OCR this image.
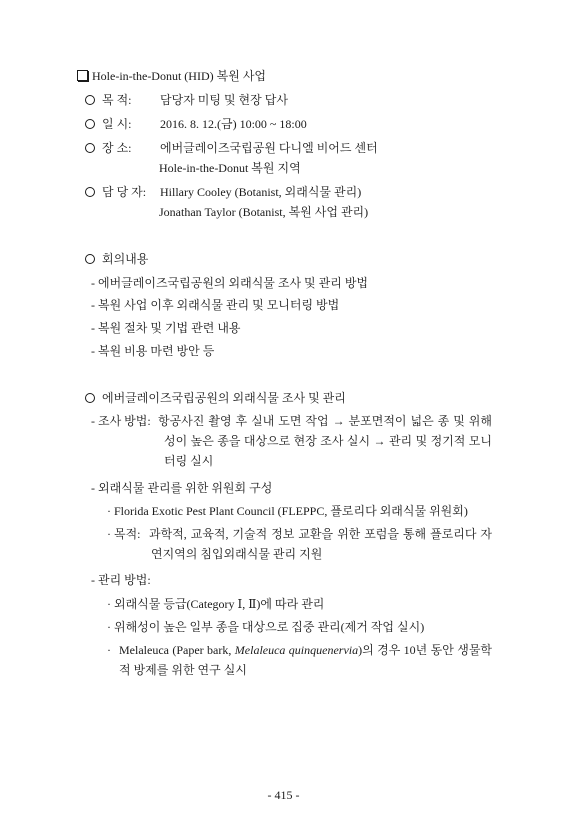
Hole-in-the-Donut (HID) 복원 사업
목 적: 담당자 미팅 및 현장 답사
일 시: 2016. 8. 12.(금) 10:00 ~ 18:00
장 소: 에버글레이즈국립공원 다니엘 비어드 센터
Hole-in-the-Donut 복원 지역
담 당 자: Hillary Cooley (Botanist, 외래식물 관리)
Jonathan Taylor (Botanist, 복원 사업 관리)
회의내용
- 에버글레이즈국립공원의 외래식물 조사 및 관리 방법
- 복원 사업 이후 외래식물 관리 및 모니터링 방법
- 복원 절차 및 기법 관련 내용
- 복원 비용 마련 방안 등
에버글레이즈국립공원의 외래식물 조사 및 관리
- 조사 방법: 항공사진 촬영 후 실내 도면 작업 → 분포면적이 넓은 종 및 위해성이 높은 종을 대상으로 현장 조사 실시 → 관리 및 정기적 모니터링 실시
- 외래식물 관리를 위한 위원회 구성
· Florida Exotic Pest Plant Council (FLEPPC, 플로리다 외래식물 위원회)
· 목적: 과학적, 교육적, 기술적 정보 교환을 위한 포럼을 통해 플로리다 자연지역의 침입외래식물 관리 지원
- 관리 방법:
· 외래식물 등급(Category Ⅰ, Ⅱ)에 따라 관리
· 위해성이 높은 일부 종을 대상으로 집중 관리(제거 작업 실시)
· Melaleuca (Paper bark, Melaleuca quinquenervia)의 경우 10년 동안 생물학적 방제를 위한 연구 실시
- 415 -
